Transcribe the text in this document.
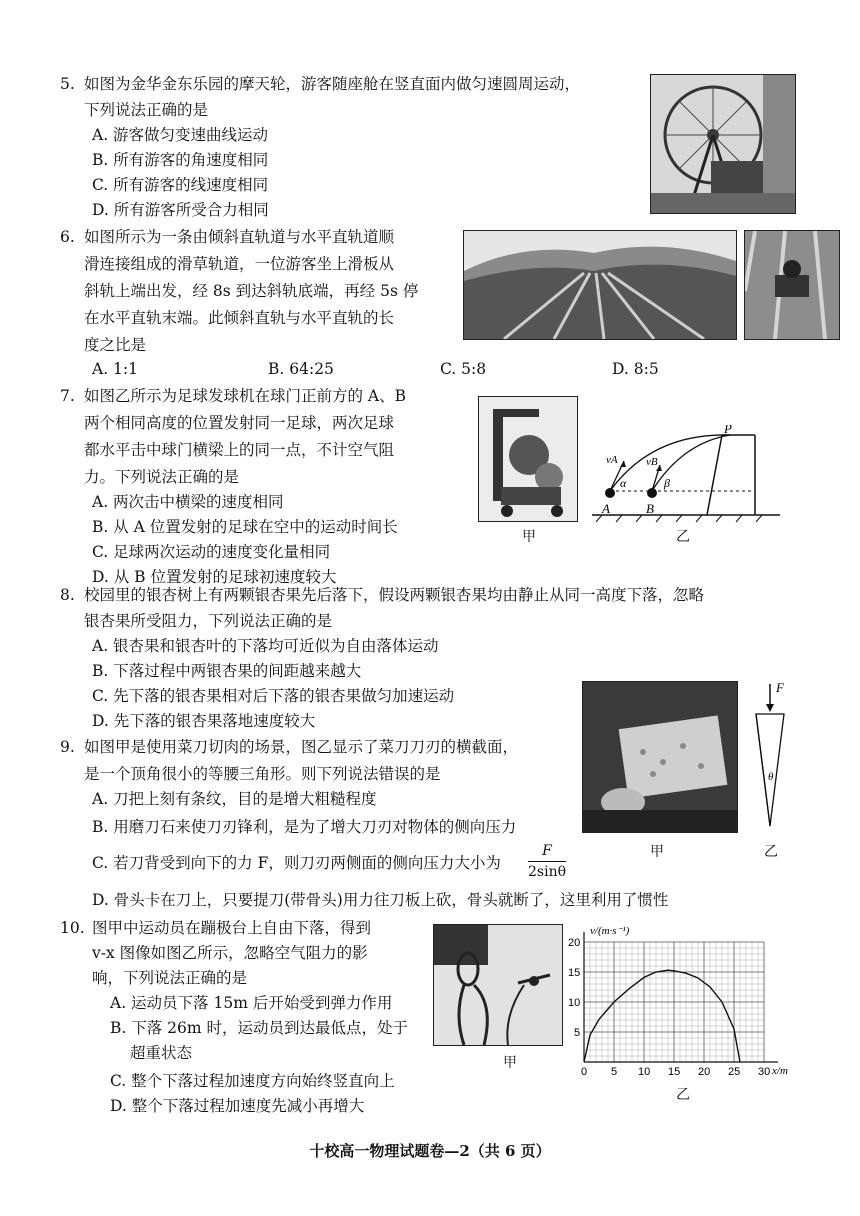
5. 如图为金华金东乐园的摩天轮，游客随座舱在竖直面内做匀速圆周运动，
下列说法正确的是
A. 游客做匀变速曲线运动
B. 所有游客的角速度相同
C. 所有游客的线速度相同
D. 所有游客所受合力相同
6. 如图所示为一条由倾斜直轨道与水平直轨道顺
滑连接组成的滑草轨道，一位游客坐上滑板从
斜轨上端出发，经 8s 到达斜轨底端，再经 5s 停
在水平直轨末端。此倾斜直轨与水平直轨的长
度之比是
A. 1:1	B. 64:25	C. 5:8	D. 8:5
7. 如图乙所示为足球发球机在球门正前方的 A、B
两个相同高度的位置发射同一足球，两次足球
都水平击中球门横梁上的同一点，不计空气阻
力。下列说法正确的是
A. 两次击中横梁的速度相同
B. 从 A 位置发射的足球在空中的运动时间长
C. 足球两次运动的速度变化量相同
D. 从 B 位置发射的足球初速度较大
甲
P
A	B
vA	vB
α	β
乙
8. 校园里的银杏树上有两颗银杏果先后落下，假设两颗银杏果均由静止从同一高度下落，忽略
银杏果所受阻力，下列说法正确的是
A. 银杏果和银杏叶的下落均可近似为自由落体运动
B. 下落过程中两银杏果的间距越来越大
C. 先下落的银杏果相对后下落的银杏果做匀加速运动
D. 先下落的银杏果落地速度较大
9. 如图甲是使用菜刀切肉的场景，图乙显示了菜刀刀刃的横截面，
是一个顶角很小的等腰三角形。则下列说法错误的是
A. 刀把上刻有条纹，目的是增大粗糙程度
B. 用磨刀石来使刀刃锋利，是为了增大刀刃对物体的侧向压力
C. 若刀背受到向下的力 F，则刀刃两侧面的侧向压力大小为 $\frac{F}{2\sin\theta}$
D. 骨头卡在刀上，只要提刀(带骨头)用力往刀板上砍，骨头就断了，这里利用了惯性
F
θ
甲	乙
10. 图甲中运动员在蹦极台上自由下落，得到
v-x 图像如图乙所示，忽略空气阻力的影
响，下列说法正确的是
A. 运动员下落 15m 后开始受到弹力作用
B. 下落 26m 时，运动员到达最低点，处于
超重状态
C. 整个下落过程加速度方向始终竖直向上
D. 整个下落过程加速度先减小再增大
甲
0 5 10 15 20 25 30
5
10
15
20
v/(m·s⁻¹)
x/m
乙
十校高一物理试题卷—2（共 6 页）
